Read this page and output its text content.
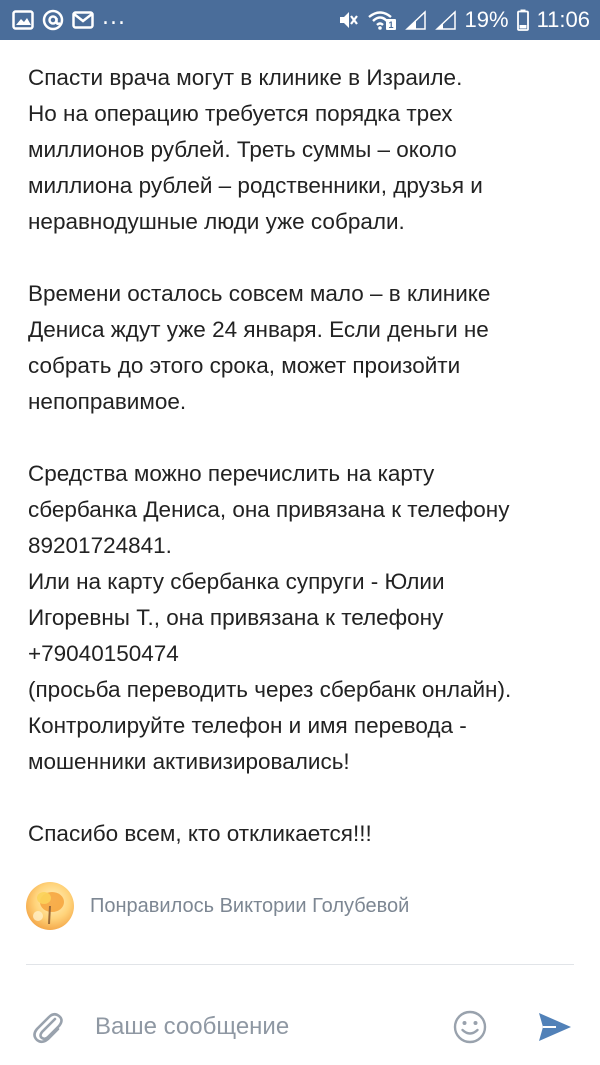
...	1	19% 11:06

Спасти врача могут в клинике в Израиле.
Но на операцию требуется порядка трех
миллионов рублей. Треть суммы – около
миллиона рублей – родственники, друзья и
неравнодушные люди уже собрали.

Времени осталось совсем мало – в клинике
Дениса ждут уже 24 января. Если деньги не
собрать до этого срока, может произойти
непоправимое.

Средства можно перечислить на карту
сбербанка Дениса, она привязана к телефону
89201724841.
Или на карту сбербанка супруги - Юлии
Игоревны Т., она привязана к телефону
+79040150474
(просьба переводить через сбербанк онлайн).
Контролируйте телефон и имя перевода -
мошенники активизировались!

Спасибо всем, кто откликается!!!

Понравилось Виктории Голубевой
Ваше сообщение
